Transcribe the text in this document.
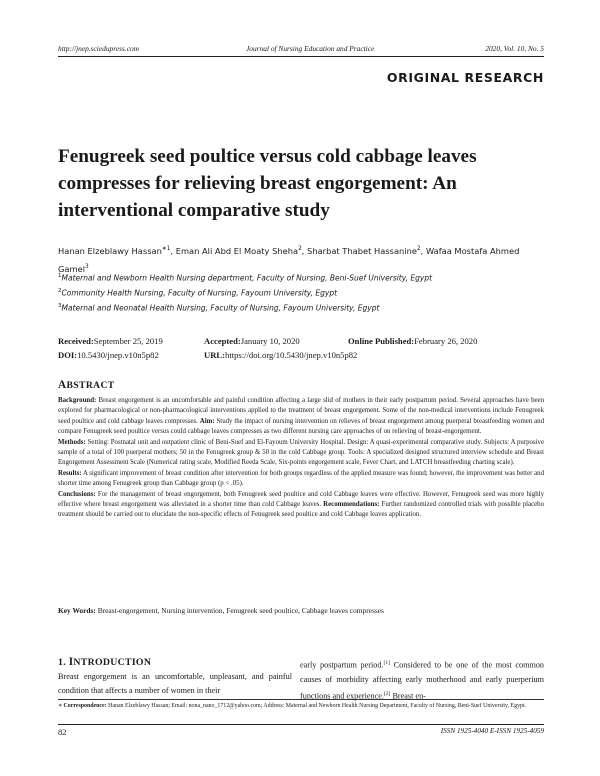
http://jnep.sciedupress.com	Journal of Nursing Education and Practice	2020, Vol. 10, No. 5
ORIGINAL RESEARCH
Fenugreek seed poultice versus cold cabbage leaves compresses for relieving breast engorgement: An interventional comparative study
Hanan Elzeblawy Hassan$^{∗1}$, Eman Ali Abd El Moaty Sheha$^2$, Sharbat Thabet Hassanine$^2$, Wafaa Mostafa Ahmed Gamel$^3$
$^1$Maternal and Newborn Health Nursing department, Faculty of Nursing, Beni-Suef University, Egypt
$^2$Community Health Nursing, Faculty of Nursing, Fayoum University, Egypt
$^3$Maternal and Neonatal Health Nursing, Faculty of Nursing, Fayoum University, Egypt
Received: September 25, 2019	Accepted: January 10, 2020	Online Published: February 26, 2020
DOI: 10.5430/jnep.v10n5p82	URL: https://doi.org/10.5430/jnep.v10n5p82
ABSTRACT

Background: Breast engorgement is an uncomfortable and painful condition affecting a large slid of mothers in their early postpartum period. Several approaches have been explored for pharmacological or non-pharmacological interventions applied to the treatment of breast engorgement. Some of the non-medical interventions include Fenugreek seed poultice and cold cabbage leaves compresses. Aim: Study the impact of nursing intervention on relieves of breast engorgement among puerperal breastfeeding women and compare Fenugreek seed poultice versus could cabbage leaves compresses as two different nursing care approaches of on relieving of breast-engorgement.

Methods: Setting: Postnatal unit and outpatient clinic of Beni-Suef and El-Fayoum University Hospital. Design: A quasi-experimental comparative study. Subjects: A purposive sample of a total of 100 puerperal mothers; 50 in the Fenugreek group & 50 in the cold Cabbage group. Tools: A specialized designed structured interview schedule and Breast Engorgement Assessment Scale (Numerical rating scale, Modified Reeda Scale, Six-points engorgement scale, Fever Chart, and LATCH breastfeeding charting scale).

Results: A significant improvement of breast condition after intervention for both groups regardless of the applied measure was found; however, the improvement was better and shorter time among Fenugreek group than Cabbage group (p < .05).

Conclusions: For the management of breast engorgement, both Fenugreek seed poultice and cold Cabbage leaves were effective. However, Fenugreek seed was more highly effective where breast engorgement was alleviated in a shorter time than cold Cabbage leaves. Recommendations: Further randomized controlled trials with possible placebo treatment should be carried out to elucidate the non-specific effects of Fenugreek seed poultice and cold Cabbage leaves application.

Key Words: Breast-engorgement, Nursing intervention, Fenugreek seed poultice, Cabbage leaves compresses
1. INTRODUCTION
Breast engorgement is an uncomfortable, unpleasant, and painful condition that affects a number of women in their
early postpartum period.[1] Considered to be one of the most common causes of morbidity affecting early motherhood and early puerperium functions and experience.[2] Breast en-
∗ Correspondence: Hanan Elzeblawy Hassan; Email: nona_nano_1712@yahoo.com; Address: Maternal and Newborn Health Nursing Department, Faculty of Nursing, Beni-Suef University, Egypt.
82	ISSN 1925-4040 E-ISSN 1925-4059
